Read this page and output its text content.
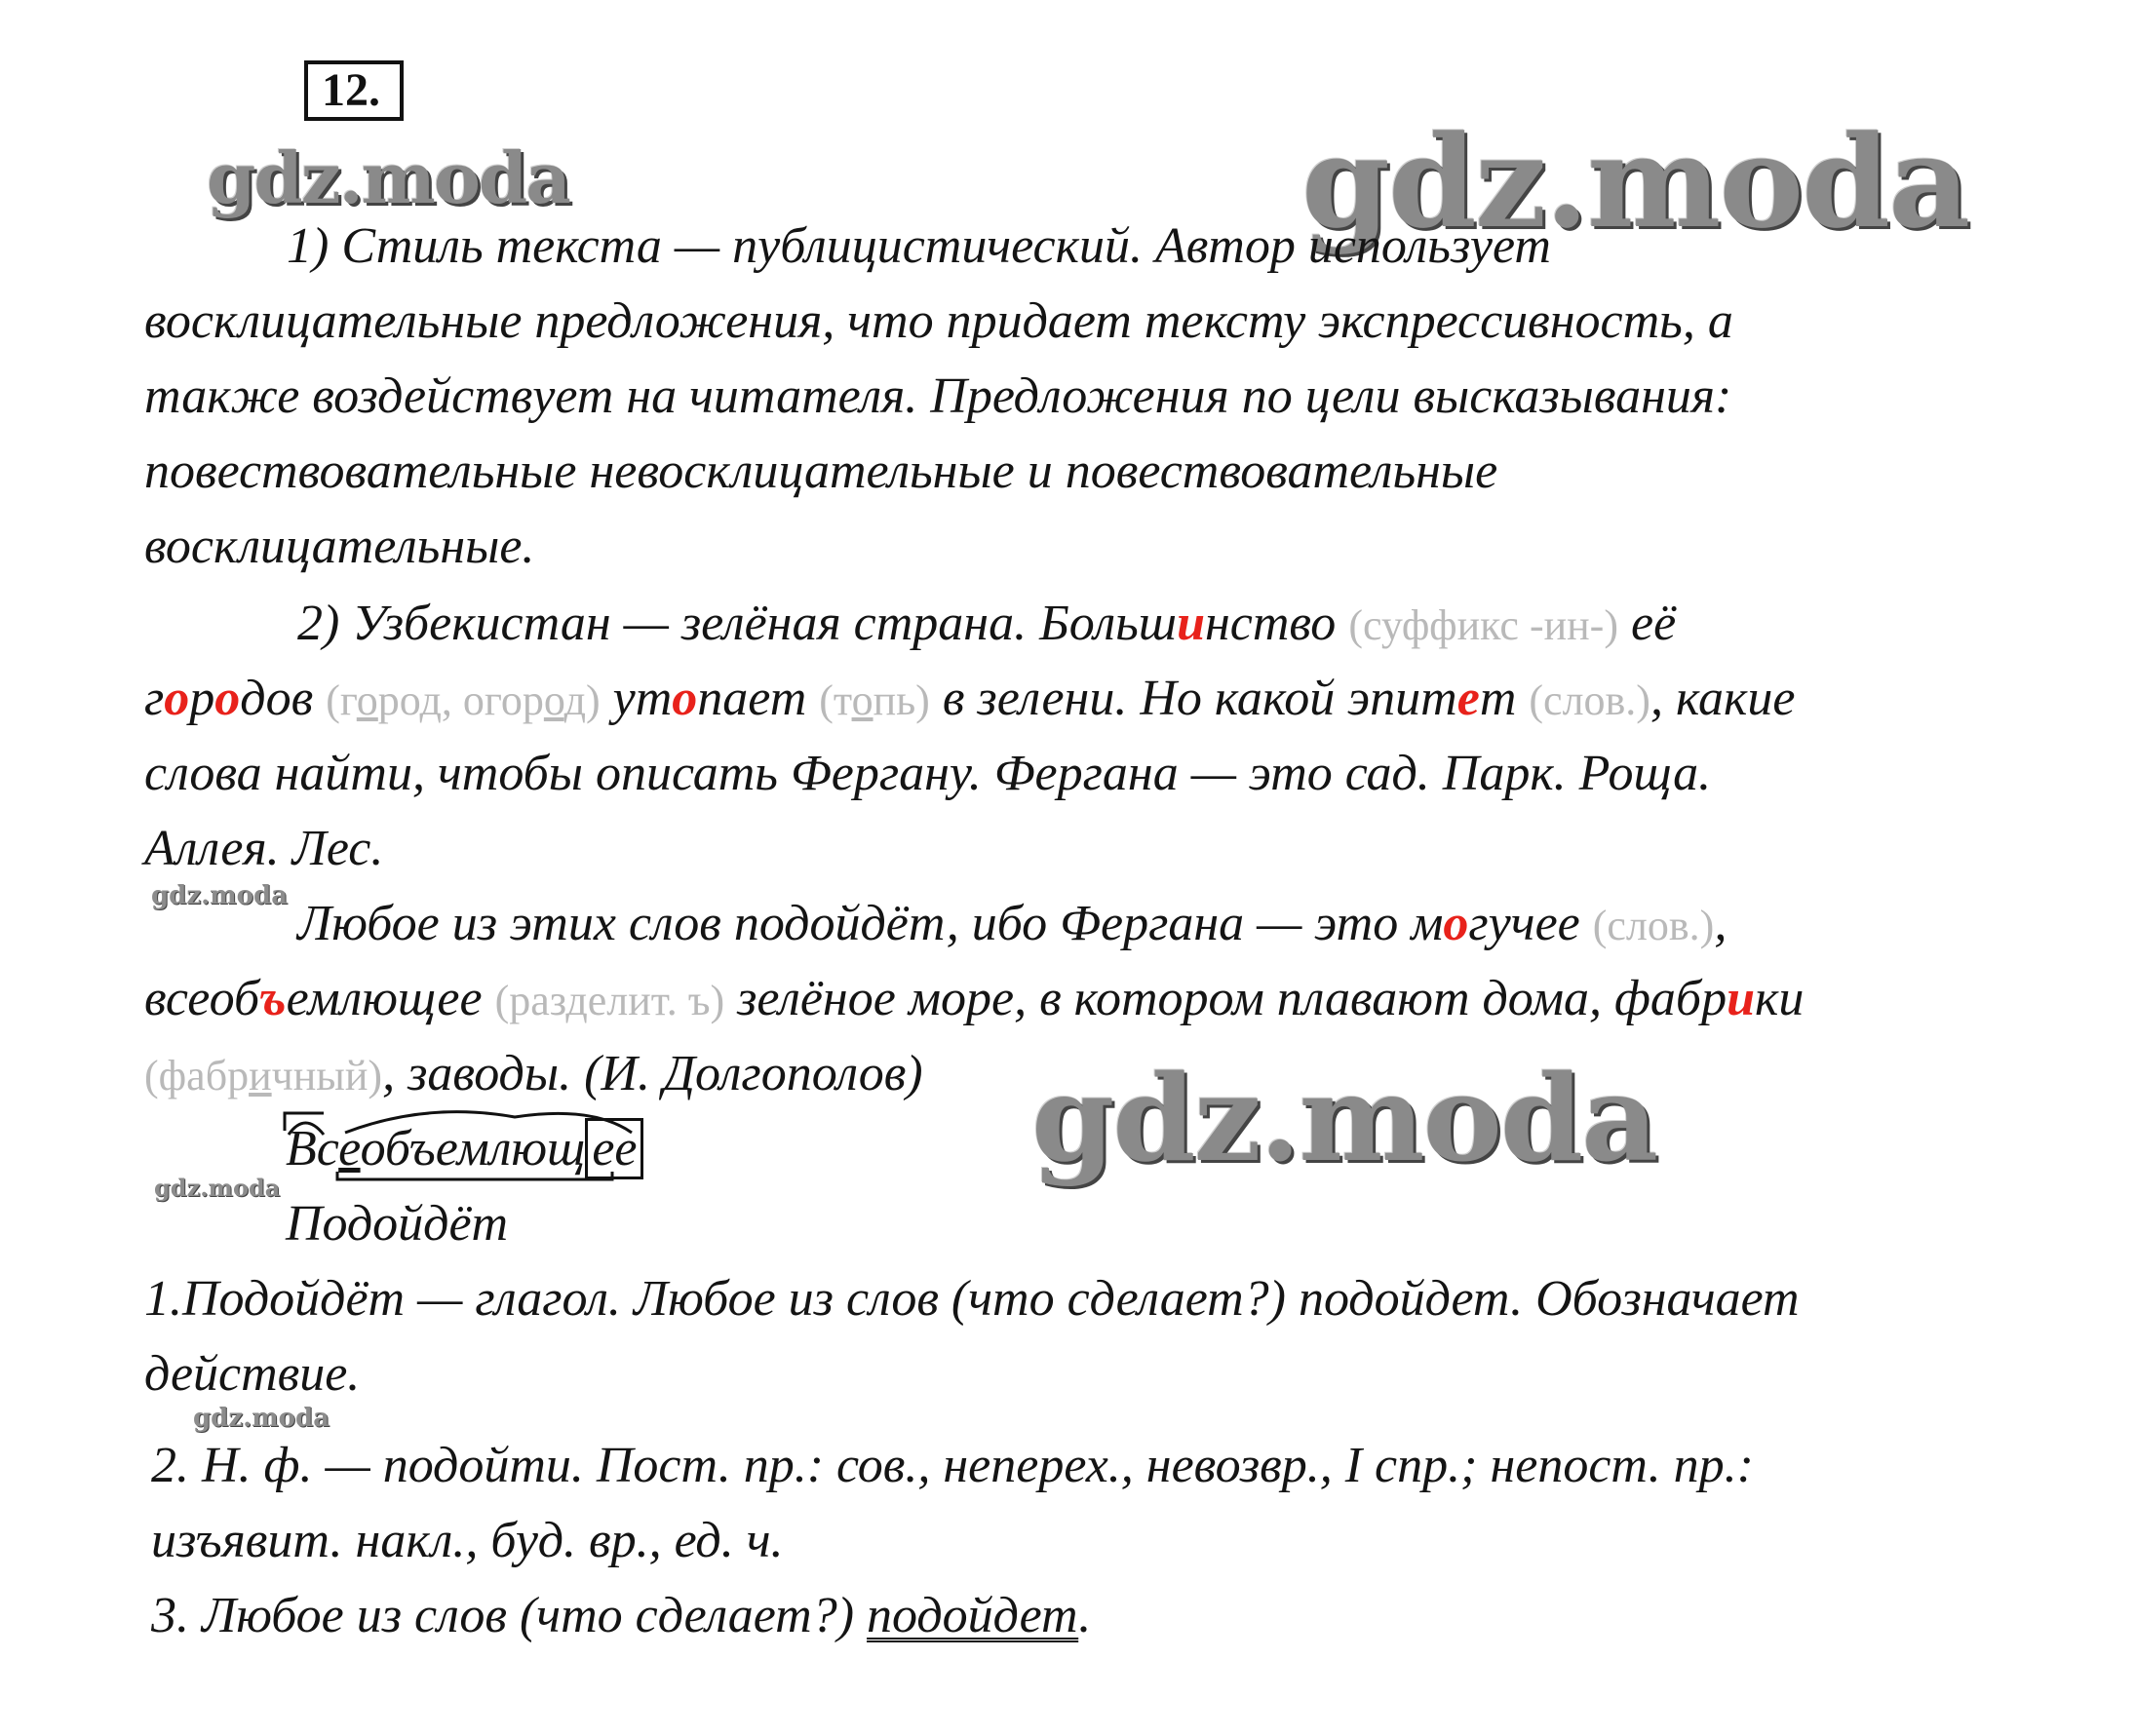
12.
gdz.moda	gdz.moda
gdz.moda
gdz.moda
gdz.moda
gdz.moda
1) Стиль текста — публицистический. Автор использует
восклицательные предложения, что придает тексту экспрессивность, а
также воздействует на читателя. Предложения по цели высказывания:
повествовательные невосклицательные и повествовательные
восклицательные.
2) Узбекистан — зелёная страна. Большинство (суффикс -ин-) её
городов (город, огород) утопает (топь) в зелени. Но какой эпитет (слов.), какие
слова найти, чтобы описать Фергану. Фергана — это сад. Парк. Роща.
Аллея. Лес.
Любое из этих слов подойдёт, ибо Фергана — это могучее (слов.),
всеобъемлющее (разделит. ъ) зелёное море, в котором плавают дома, фабрики
(фабричный), заводы. (И. Долгополов)
Всеобъемлющ ее
Подойдёт
1.Подойдёт — глагол. Любое из слов (что сделает?) подойдет. Обозначает
действие.
2. Н. ф. — подойти. Пост. пр.: сов., неперех., невозвр., I спр.; непост. пр.:
изъявит. накл., буд. вр., ед. ч.
3. Любое из слов (что сделает?) подойдет.
